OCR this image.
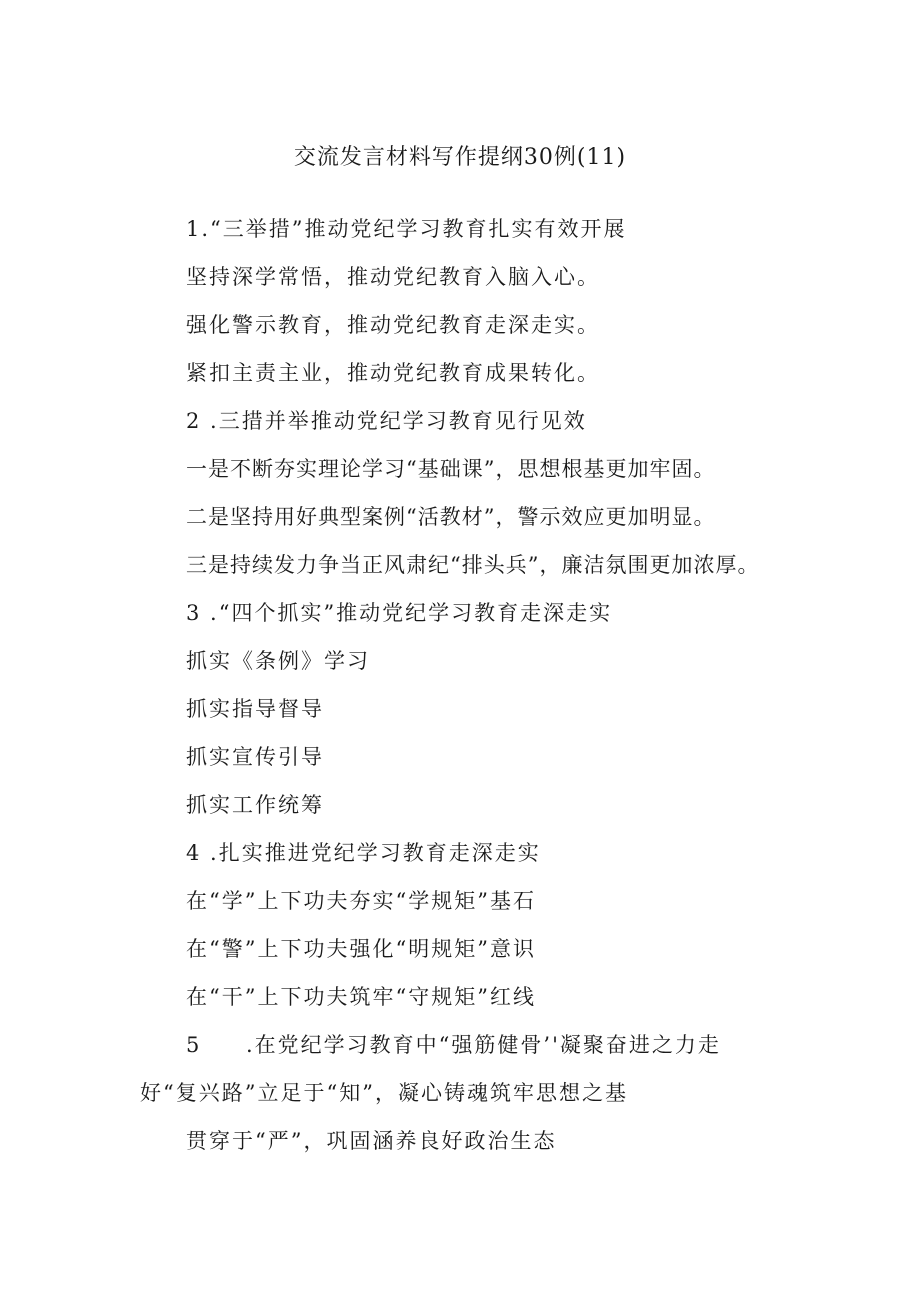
交流发言材料写作提纲30例(11)
1.“三举措”推动党纪学习教育扎实有效开展
坚持深学常悟，推动党纪教育入脑入心。
强化警示教育，推动党纪教育走深走实。
紧扣主责主业，推动党纪教育成果转化。
2 .三措并举推动党纪学习教育见行见效
一是不断夯实理论学习“基础课”，思想根基更加牢固。
二是坚持用好典型案例“活教材”，警示效应更加明显。
三是持续发力争当正风肃纪“排头兵”，廉洁氛围更加浓厚。
3 .“四个抓实”推动党纪学习教育走深走实
抓实《条例》学习
抓实指导督导
抓实宣传引导
抓实工作统筹
4 .扎实推进党纪学习教育走深走实
在“学”上下功夫夯实“学规矩”基石
在“警”上下功夫强化“明规矩”意识
在“干”上下功夫筑牢“守规矩”红线
5 .在党纪学习教育中“强筋健骨’'凝聚奋进之力走
好“复兴路”立足于“知”，凝心铸魂筑牢思想之基
贯穿于“严”，巩固涵养良好政治生态
